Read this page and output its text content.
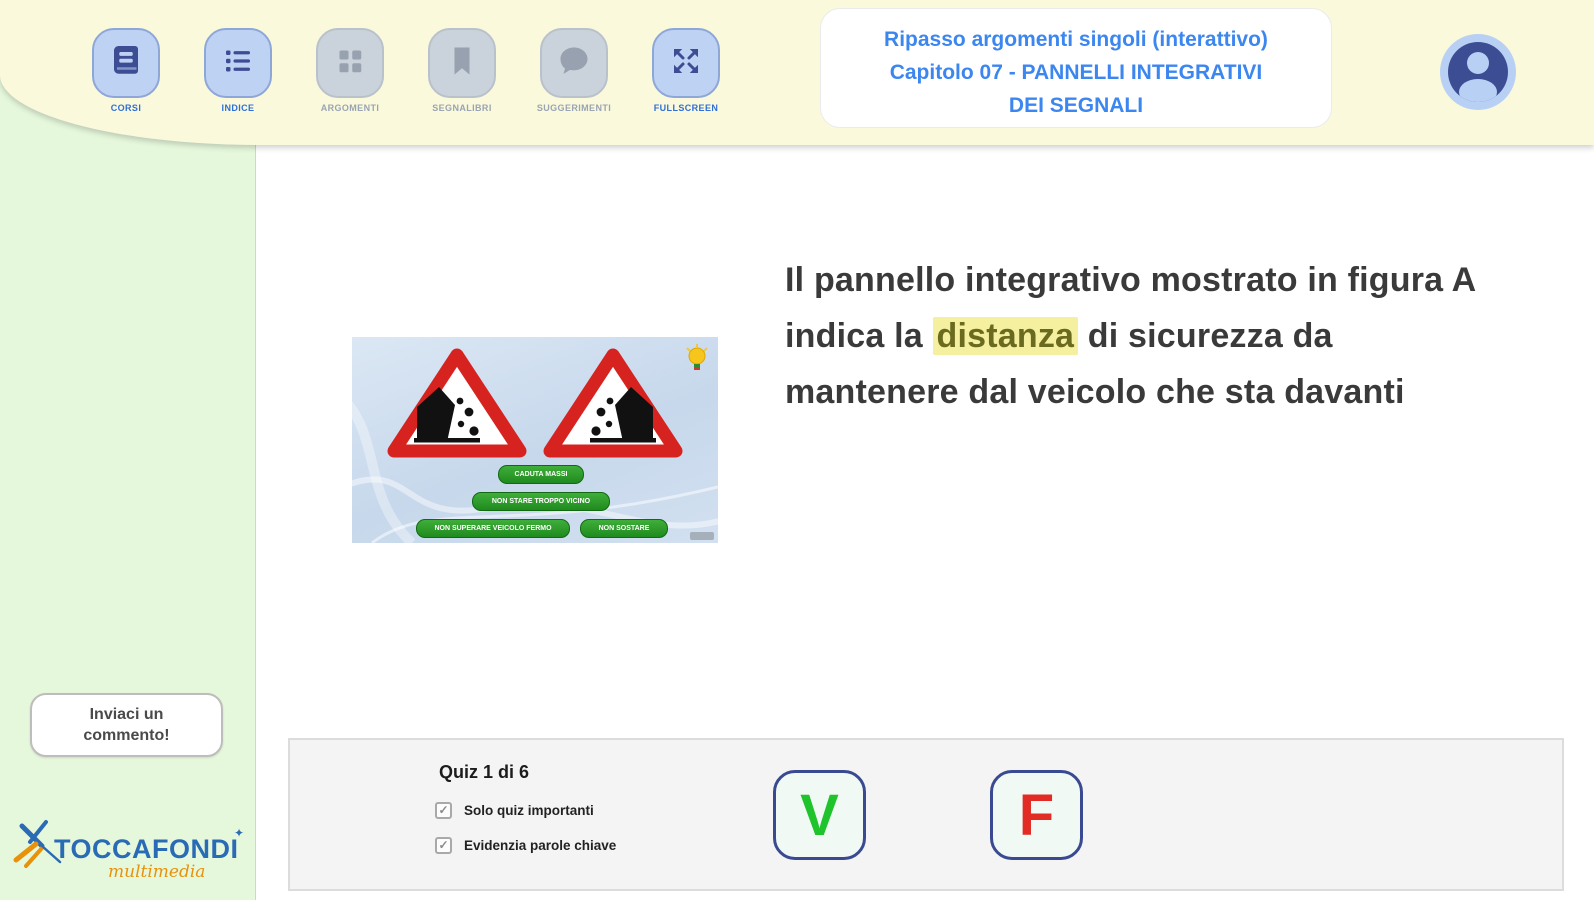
CORSI	INDICE	ARGOMENTI	SEGNALIBRI	SUGGERIMENTI	FULLSCREEN
Ripasso argomenti singoli (interattivo)
Capitolo 07 - PANNELLI INTEGRATIVI
DEI SEGNALI
CADUTA MASSI
NON STARE TROPPO VICINO
NON SUPERARE VEICOLO FERMO	NON SOSTARE
Il pannello integrativo mostrato in figura A indica la distanza di sicurezza da mantenere dal veicolo che sta davanti
Quiz 1 di 6
✓ Solo quiz importanti
✓ Evidenzia parole chiave	V	F
Inviaci un commento!
TOCCAFONDI
✦
multimedia
